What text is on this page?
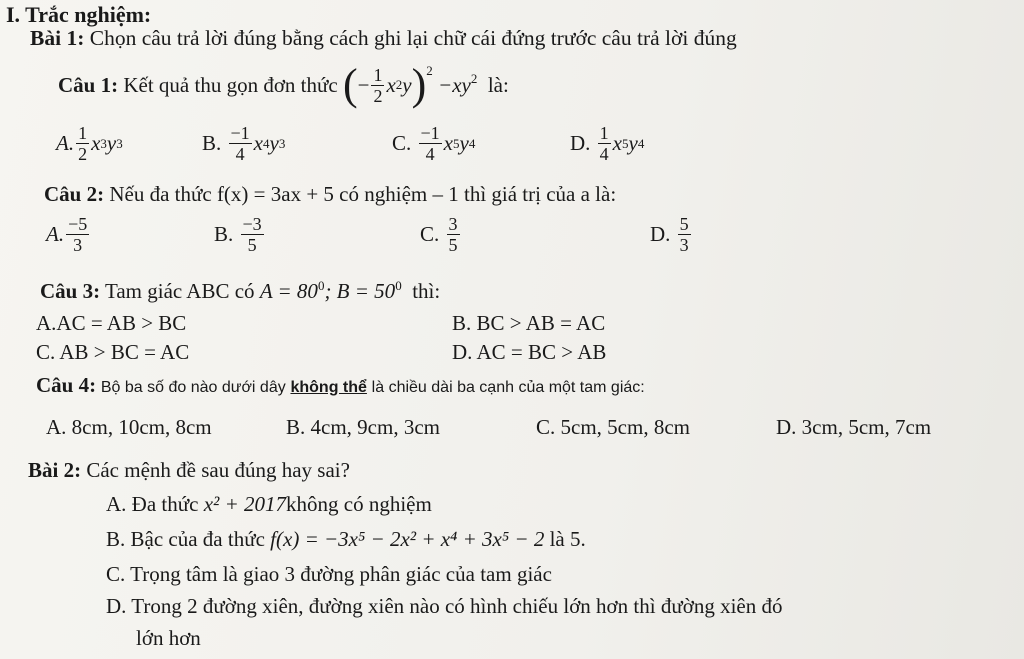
I. Trắc nghiệm:
Bài 1: Chọn câu trả lời đúng bằng cách ghi lại chữ cái đứng trước câu trả lời đúng
Câu 1:
Kết quả thu gọn đơn thức
( − $\frac{1}{2}$ x 2 y )$^2$

$-xy^2$
là:
A. $\frac{1}{2}$ x 3 y 3	B.
$\frac{-1}{4}$ x 4 y 3	C.
$\frac{-1}{4}$ x 5 y 4	D.
$\frac{1}{4}$ x 5 y 4
Câu 2: Nếu đa thức f(x) = 3ax + 5 có nghiệm – 1 thì giá trị của a là:
A. $\frac{-5}{3}$	B.
$\frac{-3}{5}$	C.
$\frac{3}{5}$	D.
$\frac{5}{3}$
Câu 3: Tam giác ABC có $A = 80^0$; $B = 50^0$ thì:
A.AC = AB > BC	B. BC > AB = AC
C. AB > BC = AC	D. AC = BC > AB
Câu 4: Bộ ba số đo nào dưới dây không thể là chiều dài ba cạnh của một tam giác:
A. 8cm, 10cm, 8cm	B. 4cm, 9cm, 3cm	C. 5cm, 5cm, 8cm	D. 3cm, 5cm, 7cm
Bài 2: Các mệnh đề sau đúng hay sai?
A. Đa thức x² + 2017không có nghiệm
B. Bậc của đa thức f(x) = −3x⁵ − 2x² + x⁴ + 3x⁵ − 2 là 5.
C. Trọng tâm là giao 3 đường phân giác của tam giác
D. Trong 2 đường xiên, đường xiên nào có hình chiếu lớn hơn thì đường xiên đó
lớn hơn
